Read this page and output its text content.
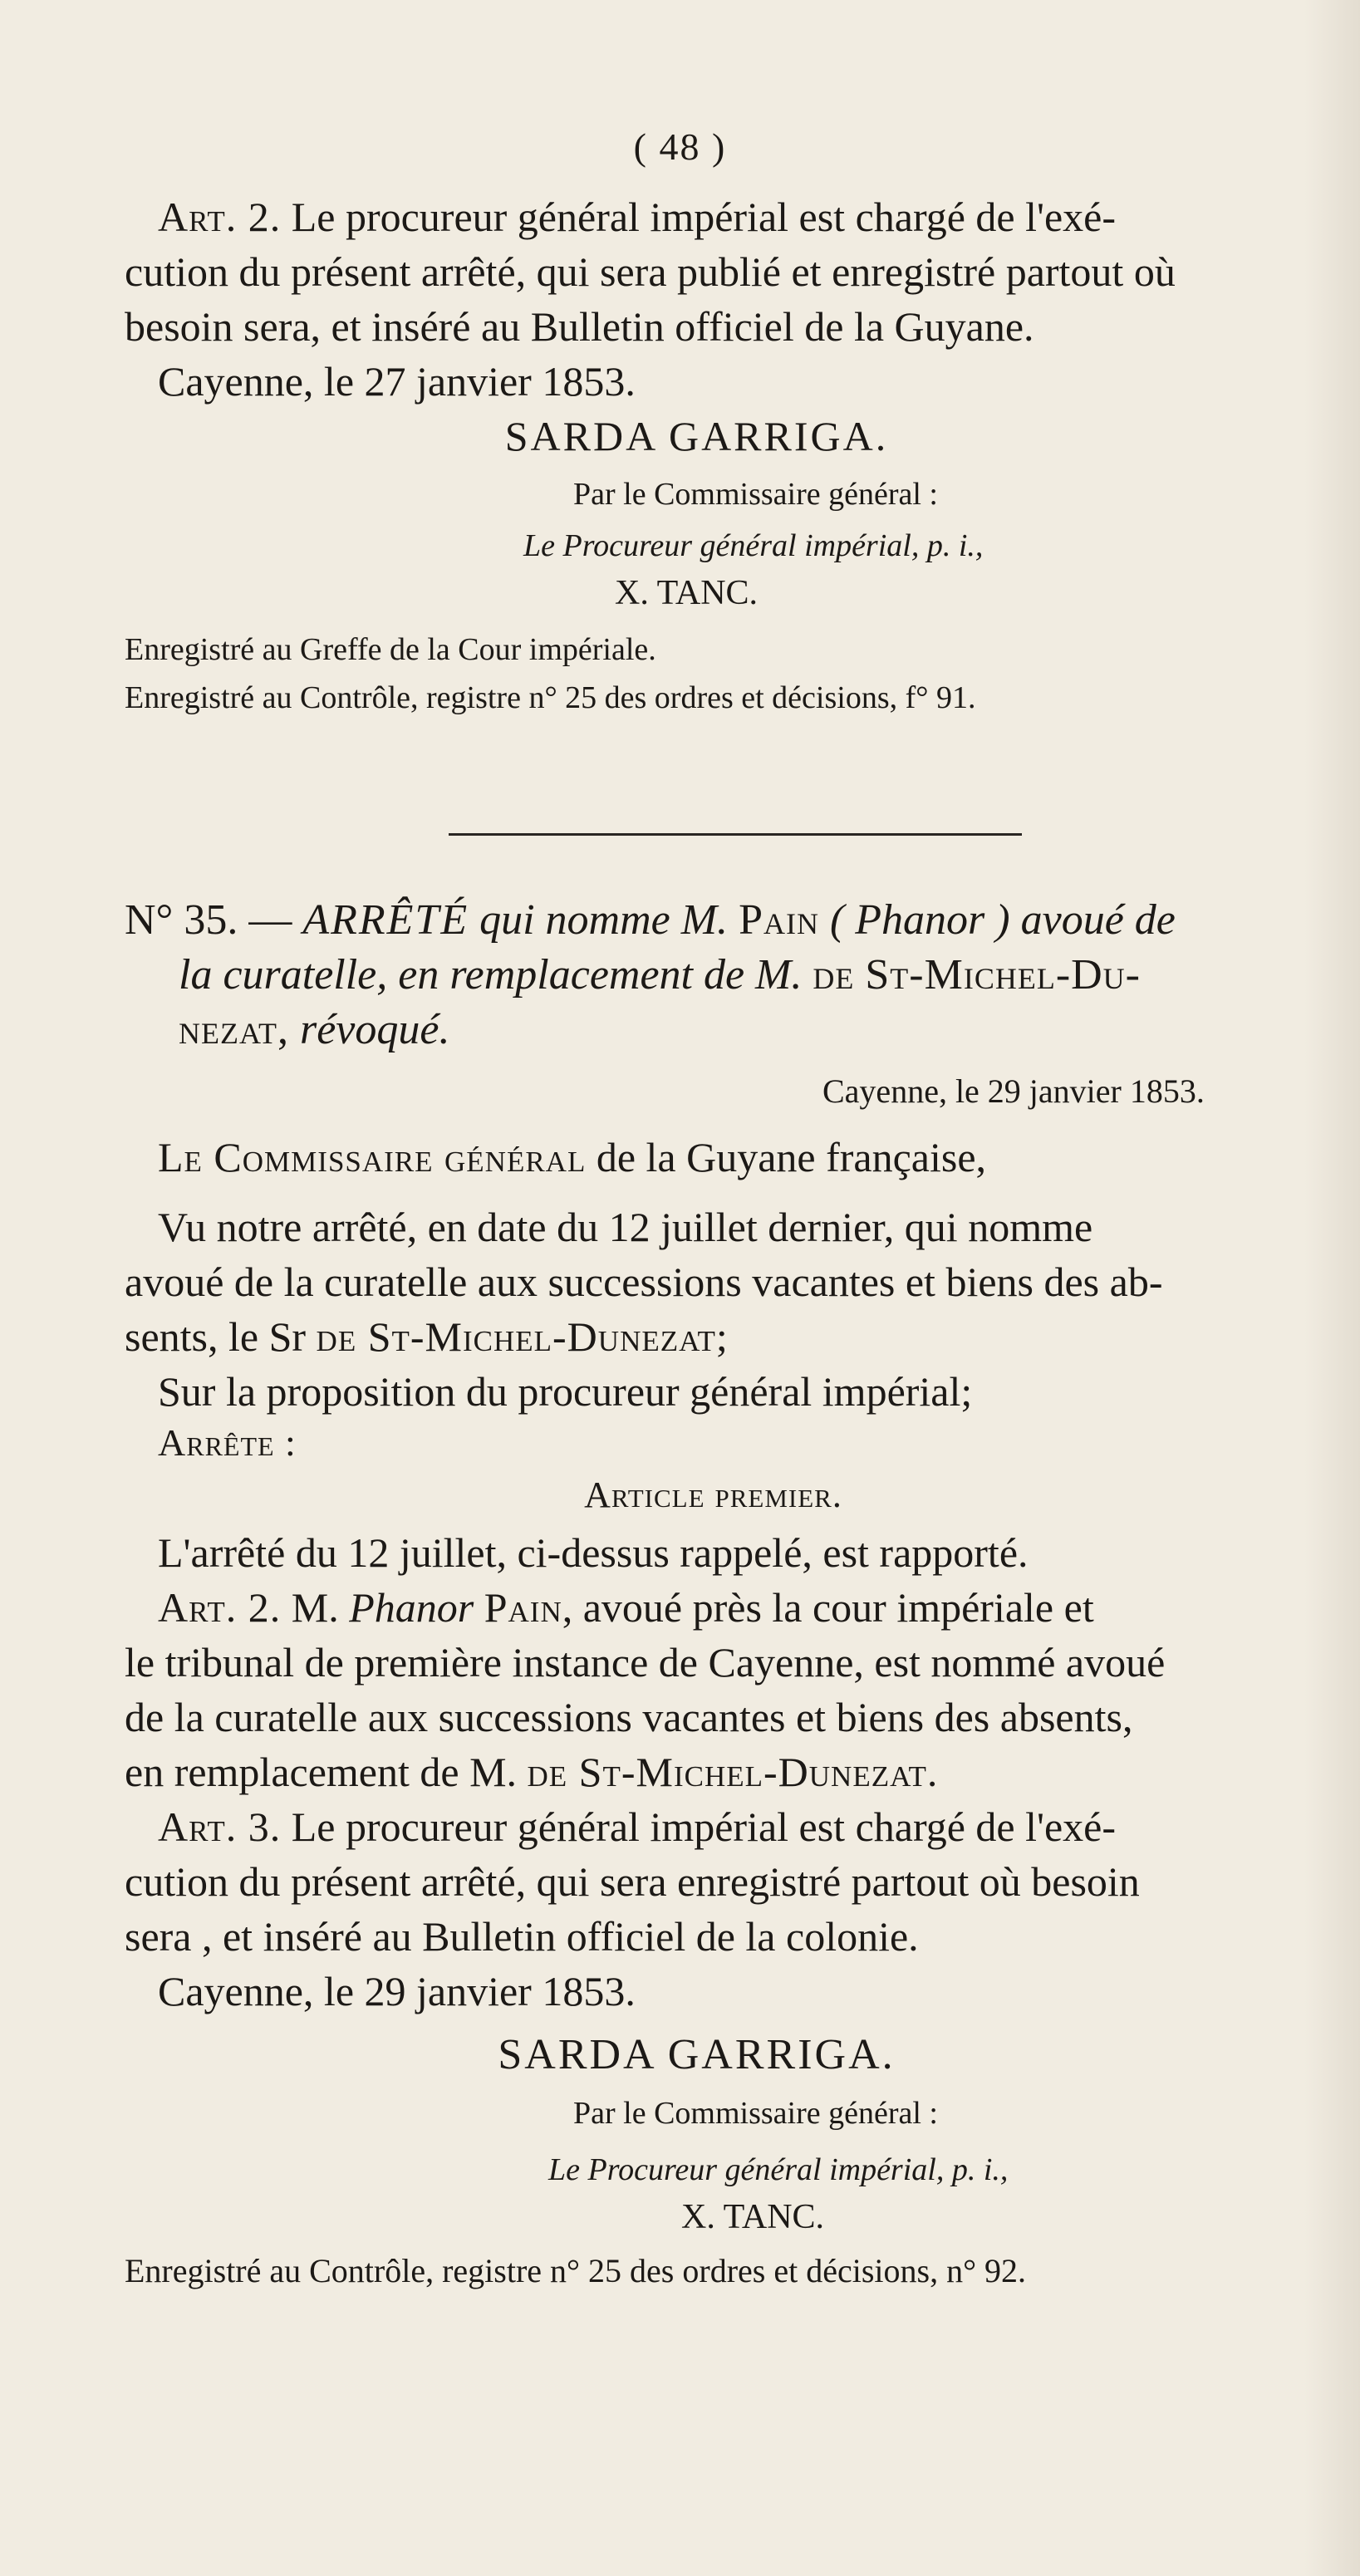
( 48 )
Art. 2. Le procureur général impérial est chargé de l'exé-
cution du présent arrêté, qui sera publié et enregistré partout où
besoin sera, et inséré au Bulletin officiel de la Guyane.
Cayenne, le 27 janvier 1853.
SARDA GARRIGA.
Par le Commissaire général :
Le Procureur général impérial, p. i.,
X. TANC.
Enregistré au Greffe de la Cour impériale.
Enregistré au Contrôle, registre n° 25 des ordres et décisions, f° 91.
N° 35. — ARRÊTÉ qui nomme M. Pain ( Phanor ) avoué de
la curatelle, en remplacement de M. de St-Michel-Du-
nezat, révoqué.
Cayenne, le 29 janvier 1853.
Le Commissaire général de la Guyane française,
Vu notre arrêté, en date du 12 juillet dernier, qui nomme
avoué de la curatelle aux successions vacantes et biens des ab-
sents, le Sr de St-Michel-Dunezat;
Sur la proposition du procureur général impérial;
Arrête :
Article premier.
L'arrêté du 12 juillet, ci-dessus rappelé, est rapporté.
Art. 2. M. Phanor Pain, avoué près la cour impériale et
le tribunal de première instance de Cayenne, est nommé avoué
de la curatelle aux successions vacantes et biens des absents,
en remplacement de M. de St-Michel-Dunezat.
Art. 3. Le procureur général impérial est chargé de l'exé-
cution du présent arrêté, qui sera enregistré partout où besoin
sera , et inséré au Bulletin officiel de la colonie.
Cayenne, le 29 janvier 1853.
SARDA GARRIGA.
Par le Commissaire général :
Le Procureur général impérial, p. i.,
X. TANC.
Enregistré au Contrôle, registre n° 25 des ordres et décisions, n° 92.
